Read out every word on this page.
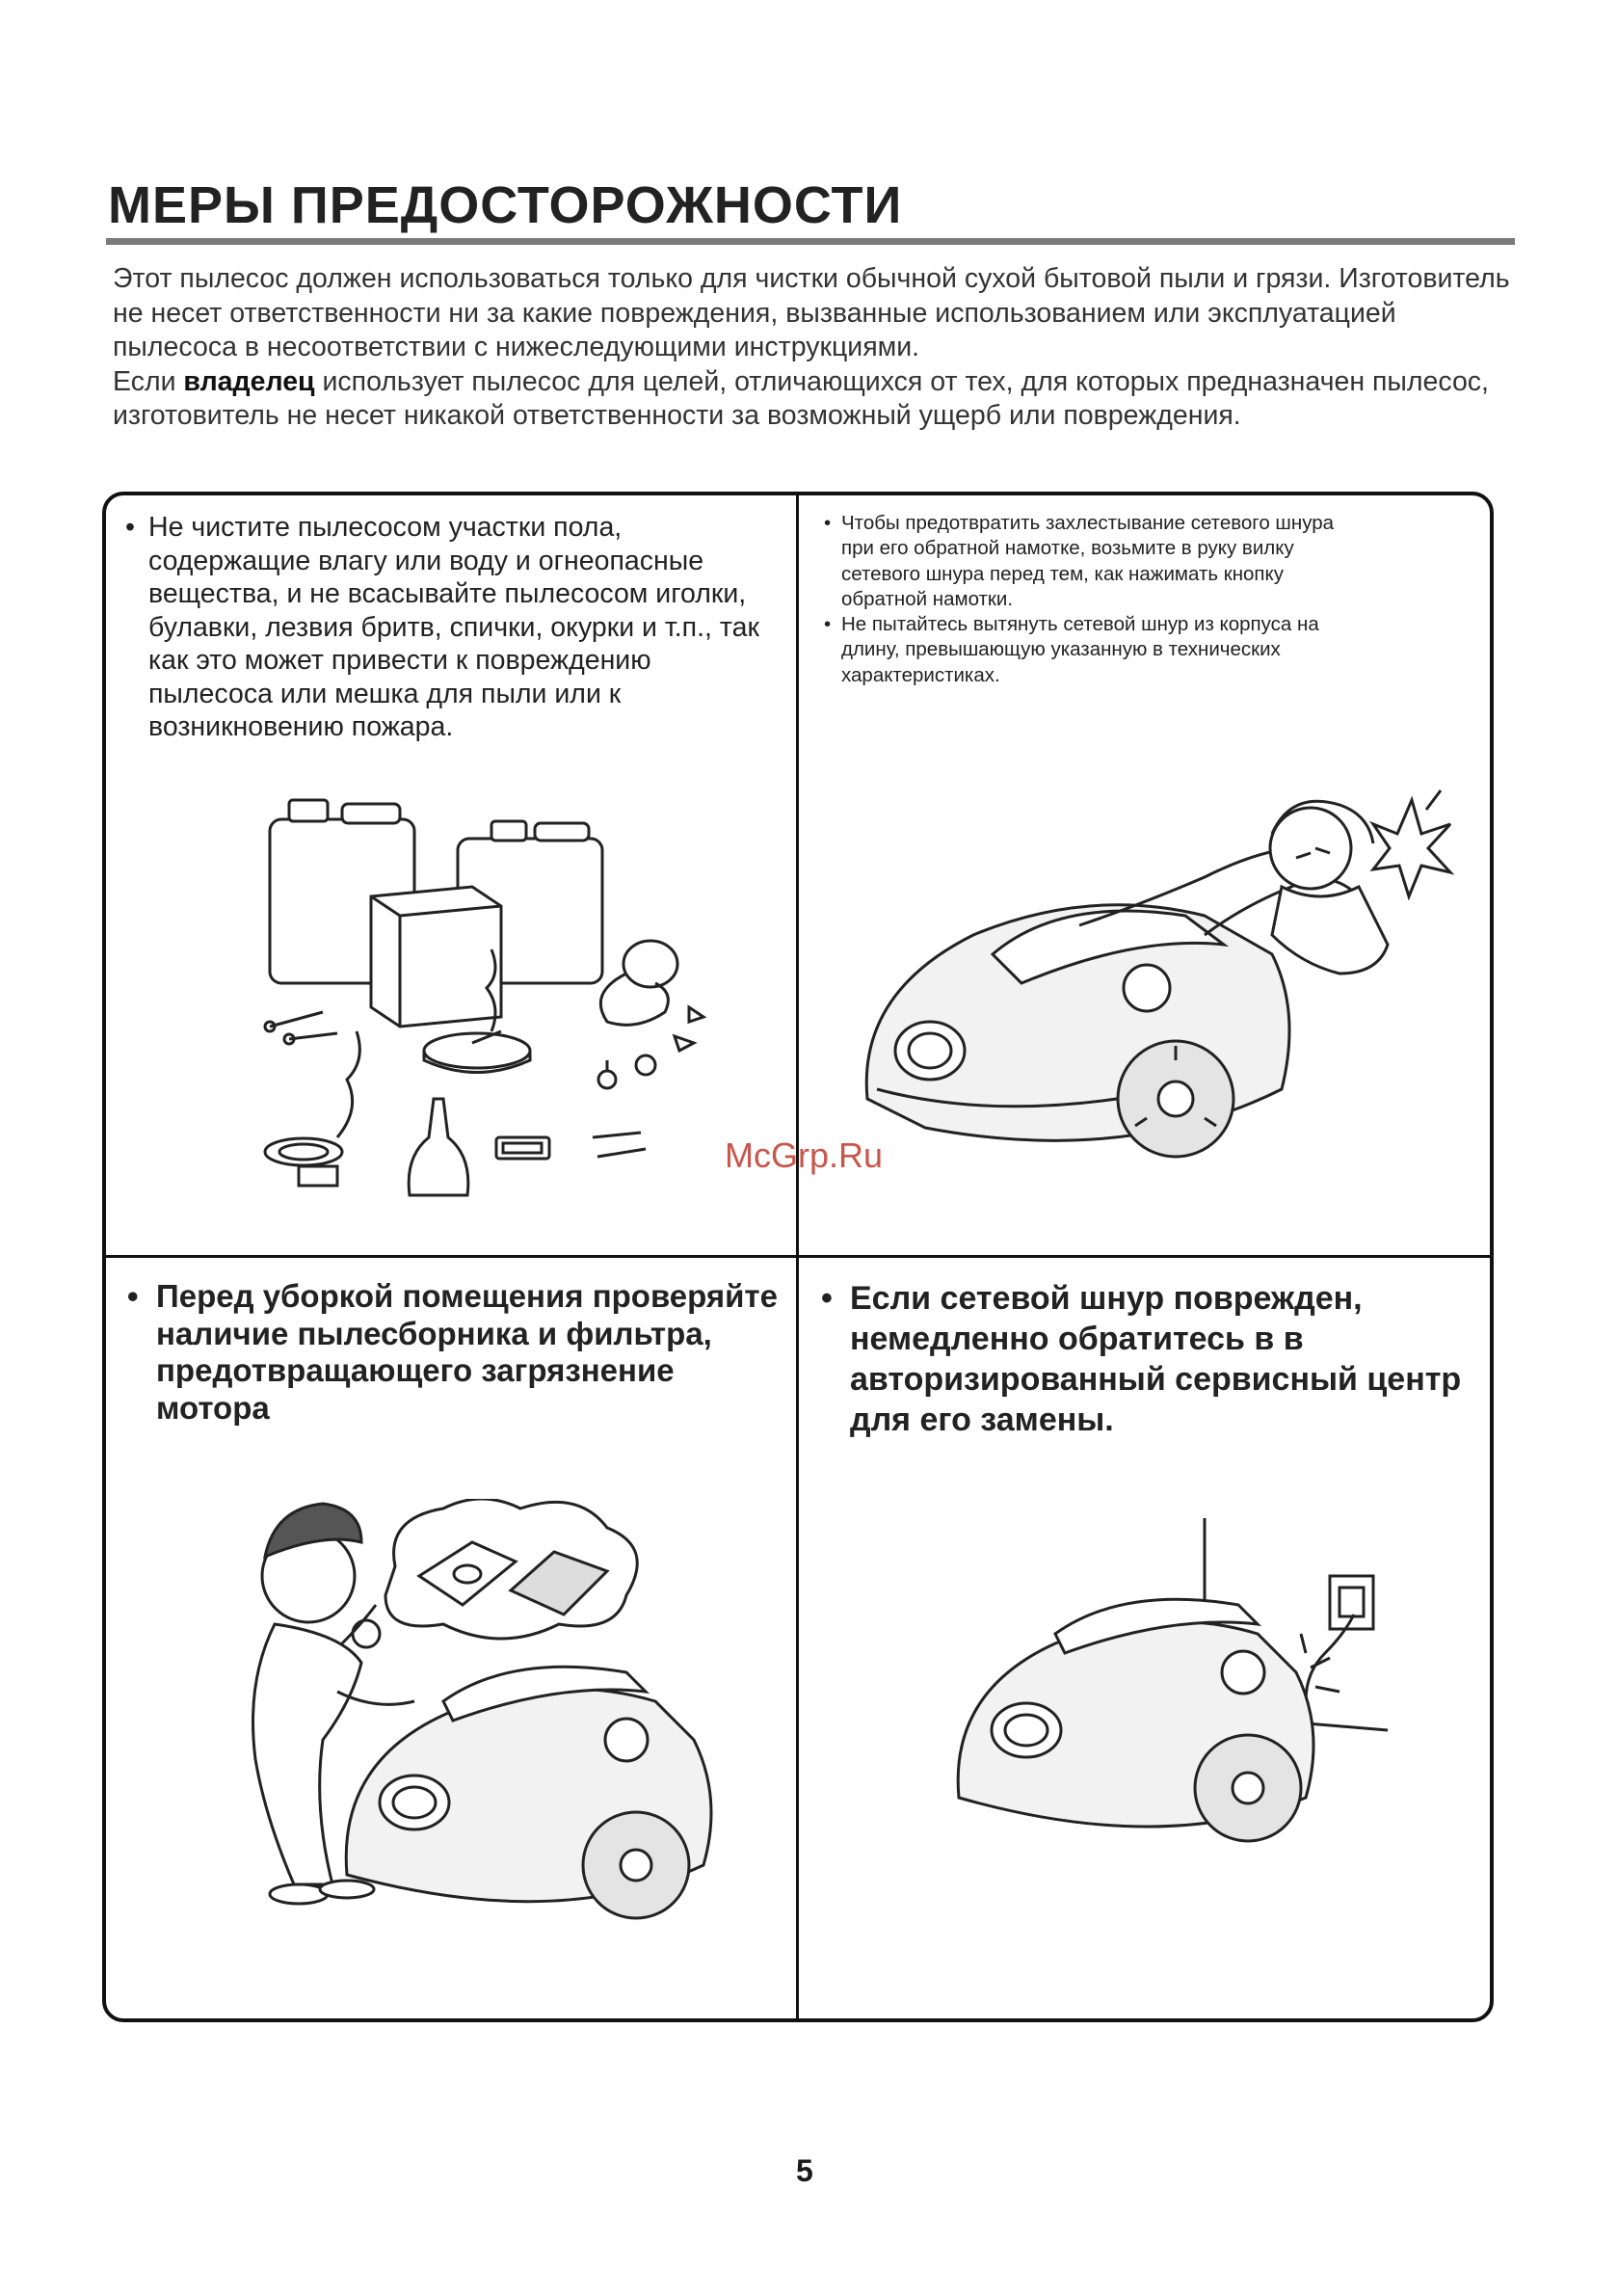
МЕРЫ ПРЕДОСТОРОЖНОСТИ

Этот пылесос должен использоваться только для чистки обычной сухой бытовой пыли и грязи. Изготовитель не несет ответственности ни за какие повреждения, вызванные использованием или эксплуатацией пылесоса в несоответствии с нижеследующими инструкциями.

Если владелец использует пылесос для целей, отличающихся от тех, для которых предназначен пылесос, изготовитель не несет никакой ответственности за возможный ущерб или повреждения.

• Не чистите пылесосом участки пола, содержащие влагу или воду и огнеопасные вещества, и не всасывайте пылесосом иголки, булавки, лезвия бритв, спички, окурки и т.п., так как это может привести к повреждению пылесоса или мешка для пыли или к возникновению пожара.
• Чтобы предотвратить захлестывание сетевого шнура при его обратной намотке, возьмите в руку вилку сетевого шнура перед тем, как нажимать кнопку обратной намотки.
• Не пытайтесь вытянуть сетевой шнур из корпуса на длину, превышающую указанную в технических характеристиках.
McGrp.Ru
• Перед уборкой помещения проверяйте наличие пылесборника и фильтра, предотвращающего загрязнение мотора
• Если сетевой шнур поврежден, немедленно обратитесь в в авторизированный сервисный центр для его замены.
5
